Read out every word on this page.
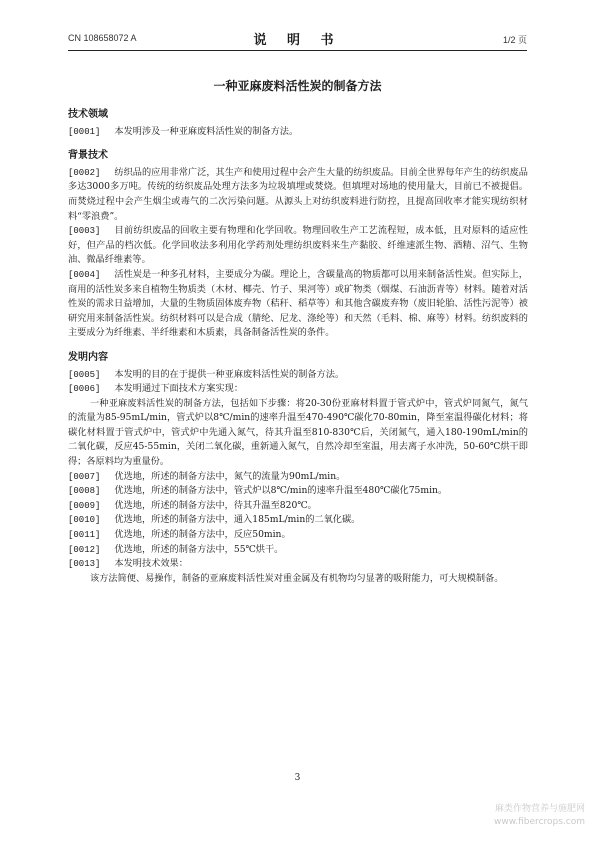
CN 108658072 A	说 明 书	1/2 页
一种亚麻废料活性炭的制备方法
技术领域

[0001] 本发明涉及一种亚麻废料活性炭的制备方法。

背景技术

[0002] 纺织品的应用非常广泛，其生产和使用过程中会产生大量的纺织废品。目前全世界每年产生的纺织废品多达3000多万吨。传统的纺织废品处理方法多为垃圾填埋或焚烧。但填埋对场地的使用量大，目前已不被提倡。而焚烧过程中会产生烟尘或毒气的二次污染问题。从源头上对纺织废料进行防控，且提高回收率才能实现纺织材料“零浪费”。

[0003] 目前纺织废品的回收主要有物理和化学回收。物理回收生产工艺流程短，成本低，且对原料的适应性好，但产品的档次低。化学回收法多利用化学药剂处理纺织废料来生产黏胶、纤维速派生物、酒精、沼气、生物油、微晶纤维素等。

[0004] 活性炭是一种多孔材料，主要成分为碳。理论上，含碳量高的物质都可以用来制备活性炭。但实际上，商用的活性炭多来自植物生物质类（木材、椰壳、竹子、果河等）或矿物类（烟煤、石油沥青等）材料。随着对活性炭的需求日益增加，大量的生物质固体废弃物（秸秆、稻草等）和其他含碳废弃物（废旧轮胎、活性污泥等）被研究用来制备活性炭。纺织材料可以是合成（腈纶、尼龙、涤纶等）和天然（毛料、棉、麻等）材料。纺织废料的主要成分为纤维素、半纤维素和木质素，具备制备活性炭的条件。

发明内容

[0005] 本发明的目的在于提供一种亚麻废料活性炭的制备方法。

[0006] 本发明通过下面技术方案实现：

一种亚麻废料活性炭的制备方法，包括如下步骤：将20-30份亚麻材料置于管式炉中，管式炉同氮气，氮气的流量为85-95mL/min，管式炉以8℃/min的速率升温至470-490℃碳化70-80min，降至室温得碳化材料；将碳化材料置于管式炉中，管式炉中先通入氮气，待其升温至810-830℃后，关闭氮气，通入180-190mL/min的二氧化碳，反应45-55min，关闭二氧化碳，重新通入氮气，自然冷却至室温，用去离子水冲洗，50-60℃烘干即得；各原料均为重量份。

[0007] 优选地，所述的制备方法中，氮气的流量为90mL/min。

[0008] 优选地，所述的制备方法中，管式炉以8℃/min的速率升温至480℃碳化75min。

[0009] 优选地，所述的制备方法中，待其升温至820℃。

[0010] 优选地，所述的制备方法中，通入185mL/min的二氧化碳。

[0011] 优选地，所述的制备方法中，反应50min。

[0012] 优选地，所述的制备方法中，55℃烘干。

[0013] 本发明技术效果：

该方法简便、易操作，制备的亚麻废料活性炭对重金属及有机物均匀显著的吸附能力，可大规模制备。

3
麻类作物营养与施肥网
www.fibercrops.com
